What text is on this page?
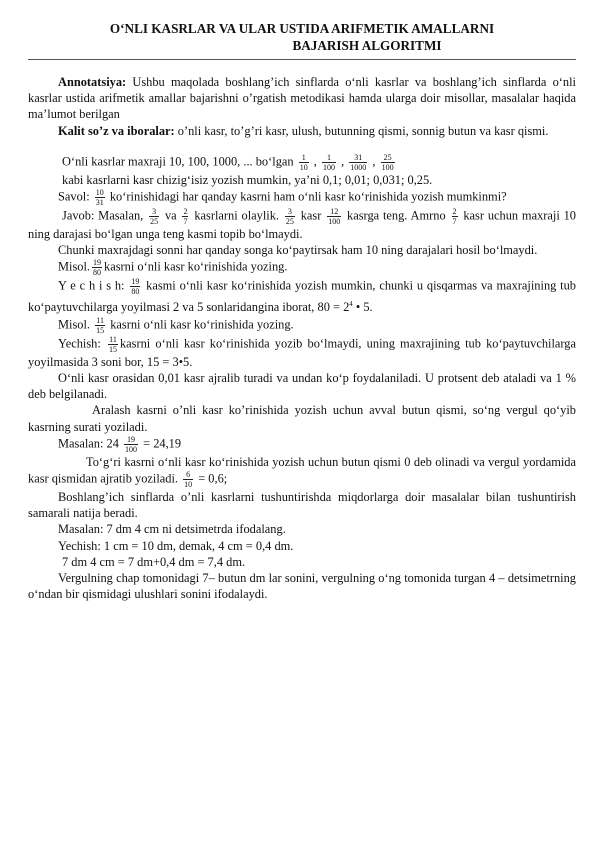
O‘NLI KASRLAR VA ULAR USTIDA ARIFMETIK AMALLARNI

BAJARISH ALGORITMI

Annotatsiya: Ushbu maqolada boshlang’ich sinflarda o‘nli kasrlar va boshlang’ich sinflarda o‘nli kasrlar ustida arifmetik amallar bajarishni o’rgatish metodikasi hamda ularga doir misollar, masalalar haqida ma’lumot berilgan

Kalit so’z va iboralar: o’nli kasr, to’g’ri kasr, ulush, butunning qismi, sonnig butun va kasr qismi.

O‘nli kasrlar maxraji 10, 100, 1000, ... bo‘lgan $\frac{1}{10}$ , $\frac{1}{100}$ , $\frac{31}{1000}$ , $\frac{25}{100}$

kabi kasrlarni kasr chizig‘isiz yozish mumkin, ya’ni 0,1; 0,01; 0,031; 0,25.

Savol: $\frac{10}{31}$ ko‘rinishidagi har qanday kasrni ham o‘nli kasr ko‘rinishida yozish mumkinmi?

Javob: Masalan, $\frac{3}{25}$ va $\frac{2}{7}$ kasrlarni olaylik. $\frac{3}{25}$ kasr $\frac{12}{100}$ kasrga teng. Amrno $\frac{2}{7}$ kasr uchun maxraji 10 ning darajasi bo‘lgan unga teng kasmi topib bo‘lmaydi.

Chunki maxrajdagi sonni har qanday songa ko‘paytirsak ham 10 ning darajalari hosil bo‘lmaydi.

Misol. $\frac{19}{80}$ kasrni o‘nli kasr ko‘rinishida yozing.

Y e c h i s h: $\frac{19}{80}$ kasmi o‘nli kasr ko‘rinishida yozish mumkin, chunki u qisqarmas va maxrajining tub ko‘paytuvchilarga yoyilmasi 2 va 5 sonlaridangina iborat, $80 = 2^4$ • 5.

Misol. $\frac{11}{15}$ kasrni o‘nli kasr ko‘rinishida yozing.

Yechish: $\frac{11}{15}$ kasrni o‘nli kasr ko‘rinishida yozib bo‘lmaydi, uning maxrajining tub ko‘paytuvchilarga yoyilmasida 3 soni bor, 15 = 3•5.

O‘nli kasr orasidan 0,01 kasr ajralib turadi va undan ko‘p foydalaniladi. U protsent deb ataladi va 1 % deb belgilanadi.

Aralash kasrni o’nli kasr ko’rinishida yozish uchun avval butun qismi, so‘ng vergul qo‘yib kasrning surati yoziladi.

Masalan: $24 \frac{19}{100} = 24,19$

To‘g‘ri kasrni o‘nli kasr ko‘rinishida yozish uchun butun qismi 0 deb olinadi va vergul yordamida kasr qismidan ajratib yoziladi. $\frac{6}{10} = 0,6$;

Boshlang’ich sinflarda o’nli kasrlarni tushuntirishda miqdorlarga doir masalalar bilan tushuntirish samarali natija beradi.

Masalan: 7 dm 4 cm ni detsimetrda ifodalang.

Yechish: 1 cm = 10 dm, demak, 4 cm = 0,4 dm.

7 dm 4 cm = 7 dm+0,4 dm = 7,4 dm.

Vergulning chap tomonidagi 7– butun dm lar sonini, vergulning o‘ng tomonida turgan 4 – detsimetrning o‘ndan bir qismidagi ulushlari sonini ifodalaydi.
